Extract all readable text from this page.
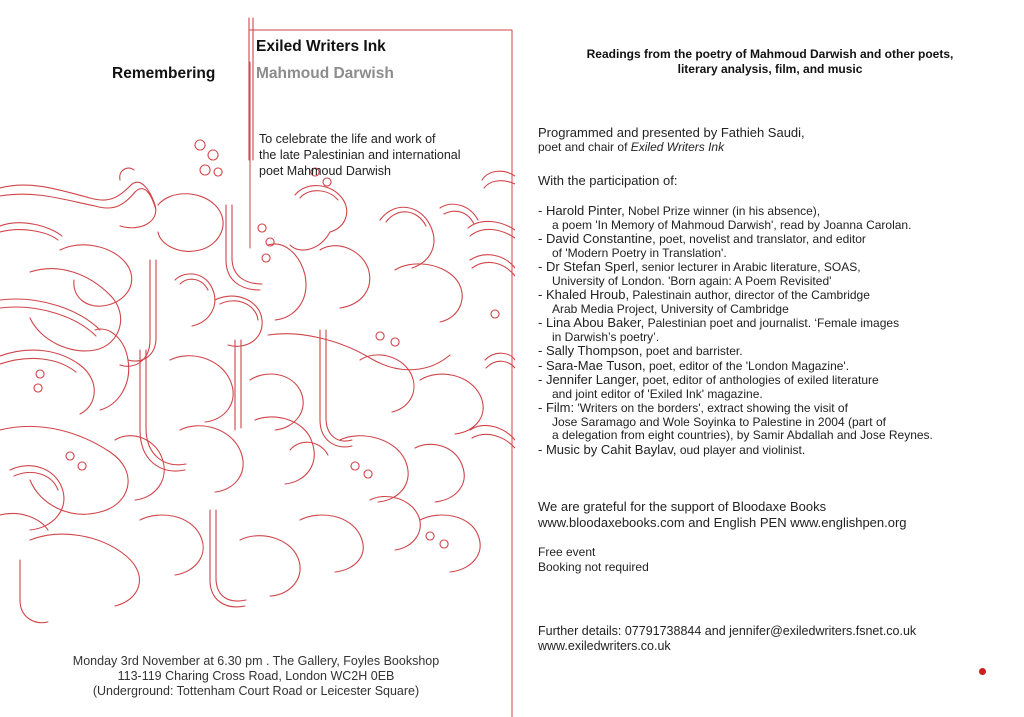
Exiled Writers Ink
Remembering	Mahmoud Darwish
To celebrate the life and work of
the late Palestinian and international
poet Mahmoud Darwish
Monday 3rd November at 6.30 pm . The Gallery, Foyles Bookshop
113-119 Charing Cross Road, London WC2H 0EB
(Underground: Tottenham Court Road or Leicester Square)
Readings from the poetry of Mahmoud Darwish and other poets,
literary analysis, film, and music
Programmed and presented by Fathieh Saudi,
poet and chair of Exiled Writers Ink
With the participation of:
- Harold Pinter, Nobel Prize winner (in his absence),
a poem 'In Memory of Mahmoud Darwish', read by Joanna Carolan.
- David Constantine, poet, novelist and translator, and editor
of 'Modern Poetry in Translation'.
- Dr Stefan Sperl, senior lecturer in Arabic literature, SOAS,
University of London. 'Born again: A Poem Revisited'
- Khaled Hroub, Palestinain author, director of the Cambridge
Arab Media Project, University of Cambridge
- Lina Abou Baker, Palestinian poet and journalist. ‘Female images
in Darwish’s poetry’.
- Sally Thompson, poet and barrister.
- Sara-Mae Tuson, poet, editor of the 'London Magazine'.
- Jennifer Langer, poet, editor of anthologies of exiled literature
and joint editor of 'Exiled Ink' magazine.
- Film: 'Writers on the borders', extract showing the visit of
Jose Saramago and Wole Soyinka to Palestine in 2004 (part of
a delegation from eight countries), by Samir Abdallah and Jose Reynes.
- Music by Cahit Baylav, oud player and violinist.
We are grateful for the support of Bloodaxe Books
www.bloodaxebooks.com and English PEN www.englishpen.org
Free event
Booking not required
Further details: 07791738844 and jennifer@exiledwriters.fsnet.co.uk
www.exiledwriters.co.uk
